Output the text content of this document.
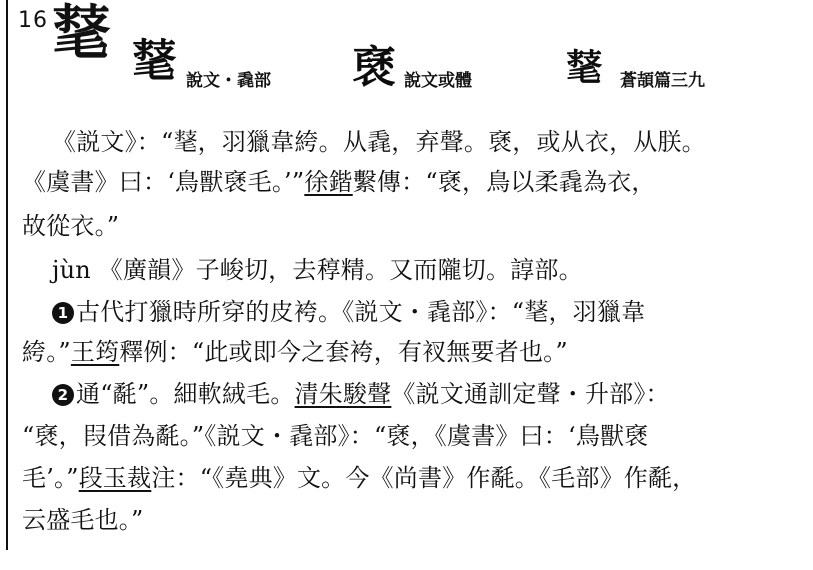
16 𣯕 𣯕 說文・毳部 褎 說文或體	𣯕 蒼頡篇三九
《説文》：“𣯕，羽獵韋絝。从毳，弃聲。褎，或从衣，从朕。
《虞書》曰：‘鳥獸褎毛。’”徐鍇繫傳：“褎，鳥以柔毳為衣，
故從衣。”
jùn 《廣韻》子峻切，去稕精。又而隴切。諄部。
1 古代打獵時所穿的皮袴。《説文・毳部》：“𣯕，羽獵韋
絝。”王筠釋例：“此或即今之套袴，有衩無要者也。”
2 通“氄”。細軟絨毛。清朱駿聲《説文通訓定聲・升部》：
“褎，叚借為氄。”《説文・毳部》：“褎，《虞書》曰：‘鳥獸褎
毛’。”段玉裁注：“《堯典》文。今《尚書》作氄。《毛部》作氄，
云盛毛也。”
